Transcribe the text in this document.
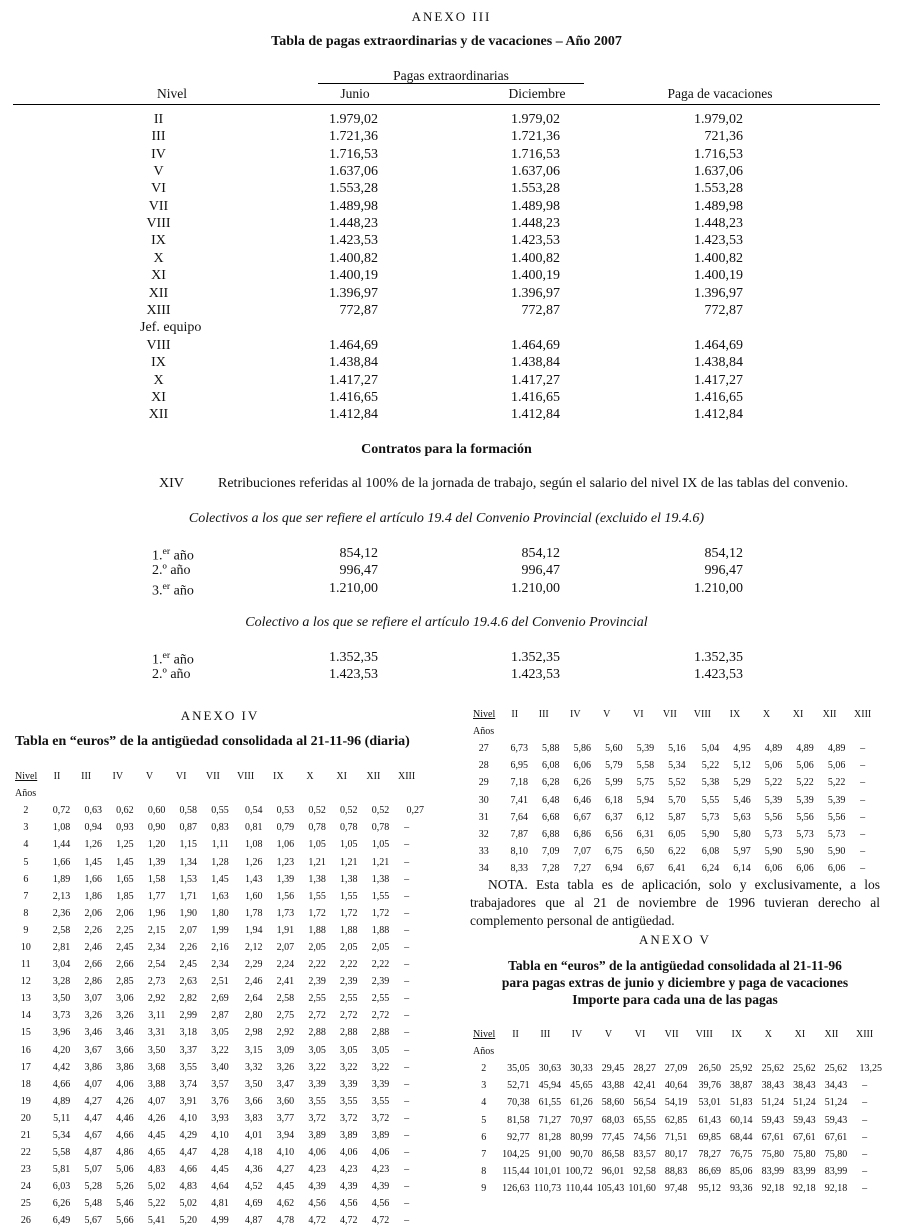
ANEXO III
Tabla de pagas extraordinarias y de vacaciones – Año 2007
Pagas extraordinarias
Nivel	Junio	Diciembre	Paga de vacaciones
II	1.979,02	1.979,02	1.979,02
III	1.721,36	1.721,36	721,36
IV	1.716,53	1.716,53	1.716,53
V	1.637,06	1.637,06	1.637,06
VI	1.553,28	1.553,28	1.553,28
VII	1.489,98	1.489,98	1.489,98
VIII	1.448,23	1.448,23	1.448,23
IX	1.423,53	1.423,53	1.423,53
X	1.400,82	1.400,82	1.400,82
XI	1.400,19	1.400,19	1.400,19
XII	1.396,97	1.396,97	1.396,97
XIII	772,87	772,87	772,87
Jef. equipo
VIII	1.464,69	1.464,69	1.464,69
IX	1.438,84	1.438,84	1.438,84
X	1.417,27	1.417,27	1.417,27
XI	1.416,65	1.416,65	1.416,65
XII	1.412,84	1.412,84	1.412,84
Contratos para la formación
XIV Retribuciones referidas al 100% de la jornada de trabajo, según el salario del nivel IX de las tablas del convenio.
Colectivos a los que ser refiere el artículo 19.4 del Convenio Provincial (excluido el 19.4.6)
1.$^{er}$ año	854,12	854,12	854,12
2.º año	996,47	996,47	996,47
3.$^{er}$ año	1.210,00	1.210,00	1.210,00
Colectivo a los que se refiere el artículo 19.4.6 del Convenio Provincial
1.$^{er}$ año	1.352,35	1.352,35	1.352,35
2.º año	1.423,53	1.423,53	1.423,53
ANEXO IV
Tabla en “euros” de la antigüedad consolidada al 21-11-96 (diaria)
Nivel	II	III	IV	V	VI	VII	VIII	IX	X	XI	XII	XIII
Años												
2	0,72	0,63	0,62	0,60	0,58	0,55	0,54	0,53	0,52	0,52	0,52	0,27
3	1,08	0,94	0,93	0,90	0,87	0,83	0,81	0,79	0,78	0,78	0,78	–
4	1,44	1,26	1,25	1,20	1,15	1,11	1,08	1,06	1,05	1,05	1,05	–
5	1,66	1,45	1,45	1,39	1,34	1,28	1,26	1,23	1,21	1,21	1,21	–
6	1,89	1,66	1,65	1,58	1,53	1,45	1,43	1,39	1,38	1,38	1,38	–
7	2,13	1,86	1,85	1,77	1,71	1,63	1,60	1,56	1,55	1,55	1,55	–
8	2,36	2,06	2,06	1,96	1,90	1,80	1,78	1,73	1,72	1,72	1,72	–
9	2,58	2,26	2,25	2,15	2,07	1,99	1,94	1,91	1,88	1,88	1,88	–
10	2,81	2,46	2,45	2,34	2,26	2,16	2,12	2,07	2,05	2,05	2,05	–
11	3,04	2,66	2,66	2,54	2,45	2,34	2,29	2,24	2,22	2,22	2,22	–
12	3,28	2,86	2,85	2,73	2,63	2,51	2,46	2,41	2,39	2,39	2,39	–
13	3,50	3,07	3,06	2,92	2,82	2,69	2,64	2,58	2,55	2,55	2,55	–
14	3,73	3,26	3,26	3,11	2,99	2,87	2,80	2,75	2,72	2,72	2,72	–
15	3,96	3,46	3,46	3,31	3,18	3,05	2,98	2,92	2,88	2,88	2,88	–
16	4,20	3,67	3,66	3,50	3,37	3,22	3,15	3,09	3,05	3,05	3,05	–
17	4,42	3,86	3,86	3,68	3,55	3,40	3,32	3,26	3,22	3,22	3,22	–
18	4,66	4,07	4,06	3,88	3,74	3,57	3,50	3,47	3,39	3,39	3,39	–
19	4,89	4,27	4,26	4,07	3,91	3,76	3,66	3,60	3,55	3,55	3,55	–
20	5,11	4,47	4,46	4,26	4,10	3,93	3,83	3,77	3,72	3,72	3,72	–
21	5,34	4,67	4,66	4,45	4,29	4,10	4,01	3,94	3,89	3,89	3,89	–
22	5,58	4,87	4,86	4,65	4,47	4,28	4,18	4,10	4,06	4,06	4,06	–
23	5,81	5,07	5,06	4,83	4,66	4,45	4,36	4,27	4,23	4,23	4,23	–
24	6,03	5,28	5,26	5,02	4,83	4,64	4,52	4,45	4,39	4,39	4,39	–
25	6,26	5,48	5,46	5,22	5,02	4,81	4,69	4,62	4,56	4,56	4,56	–
26	6,49	5,67	5,66	5,41	5,20	4,99	4,87	4,78	4,72	4,72	4,72	–
Nivel	II	III	IV	V	VI	VII	VIII	IX	X	XI	XII	XIII
Años												
27	6,73	5,88	5,86	5,60	5,39	5,16	5,04	4,95	4,89	4,89	4,89	–
28	6,95	6,08	6,06	5,79	5,58	5,34	5,22	5,12	5,06	5,06	5,06	–
29	7,18	6,28	6,26	5,99	5,75	5,52	5,38	5,29	5,22	5,22	5,22	–
30	7,41	6,48	6,46	6,18	5,94	5,70	5,55	5,46	5,39	5,39	5,39	–
31	7,64	6,68	6,67	6,37	6,12	5,87	5,73	5,63	5,56	5,56	5,56	–
32	7,87	6,88	6,86	6,56	6,31	6,05	5,90	5,80	5,73	5,73	5,73	–
33	8,10	7,09	7,07	6,75	6,50	6,22	6,08	5,97	5,90	5,90	5,90	–
34	8,33	7,28	7,27	6,94	6,67	6,41	6,24	6,14	6,06	6,06	6,06	–
NOTA. Esta tabla es de aplicación, solo y exclusivamente, a los trabajadores que al 21 de noviembre de 1996 tuvieran derecho al complemento personal de antigüedad.
ANEXO V
Tabla en “euros” de la antigüedad consolidada al 21-11-96
para pagas extras de junio y diciembre y paga de vacaciones
Importe para cada una de las pagas
Nivel	II	III	IV	V	VI	VII	VIII	IX	X	XI	XII	XIII
Años												
2	35,05	30,63	30,33	29,45	28,27	27,09	26,50	25,92	25,62	25,62	25,62	13,25
3	52,71	45,94	45,65	43,88	42,41	40,64	39,76	38,87	38,43	38,43	34,43	–
4	70,38	61,55	61,26	58,60	56,54	54,19	53,01	51,83	51,24	51,24	51,24	–
5	81,58	71,27	70,97	68,03	65,55	62,85	61,43	60,14	59,43	59,43	59,43	–
6	92,77	81,28	80,99	77,45	74,56	71,51	69,85	68,44	67,61	67,61	67,61	–
7	104,25	91,00	90,70	86,58	83,57	80,17	78,27	76,75	75,80	75,80	75,80	–
8	115,44	101,01	100,72	96,01	92,58	88,83	86,69	85,06	83,99	83,99	83,99	–
9	126,63	110,73	110,44	105,43	101,60	97,48	95,12	93,36	92,18	92,18	92,18	–
